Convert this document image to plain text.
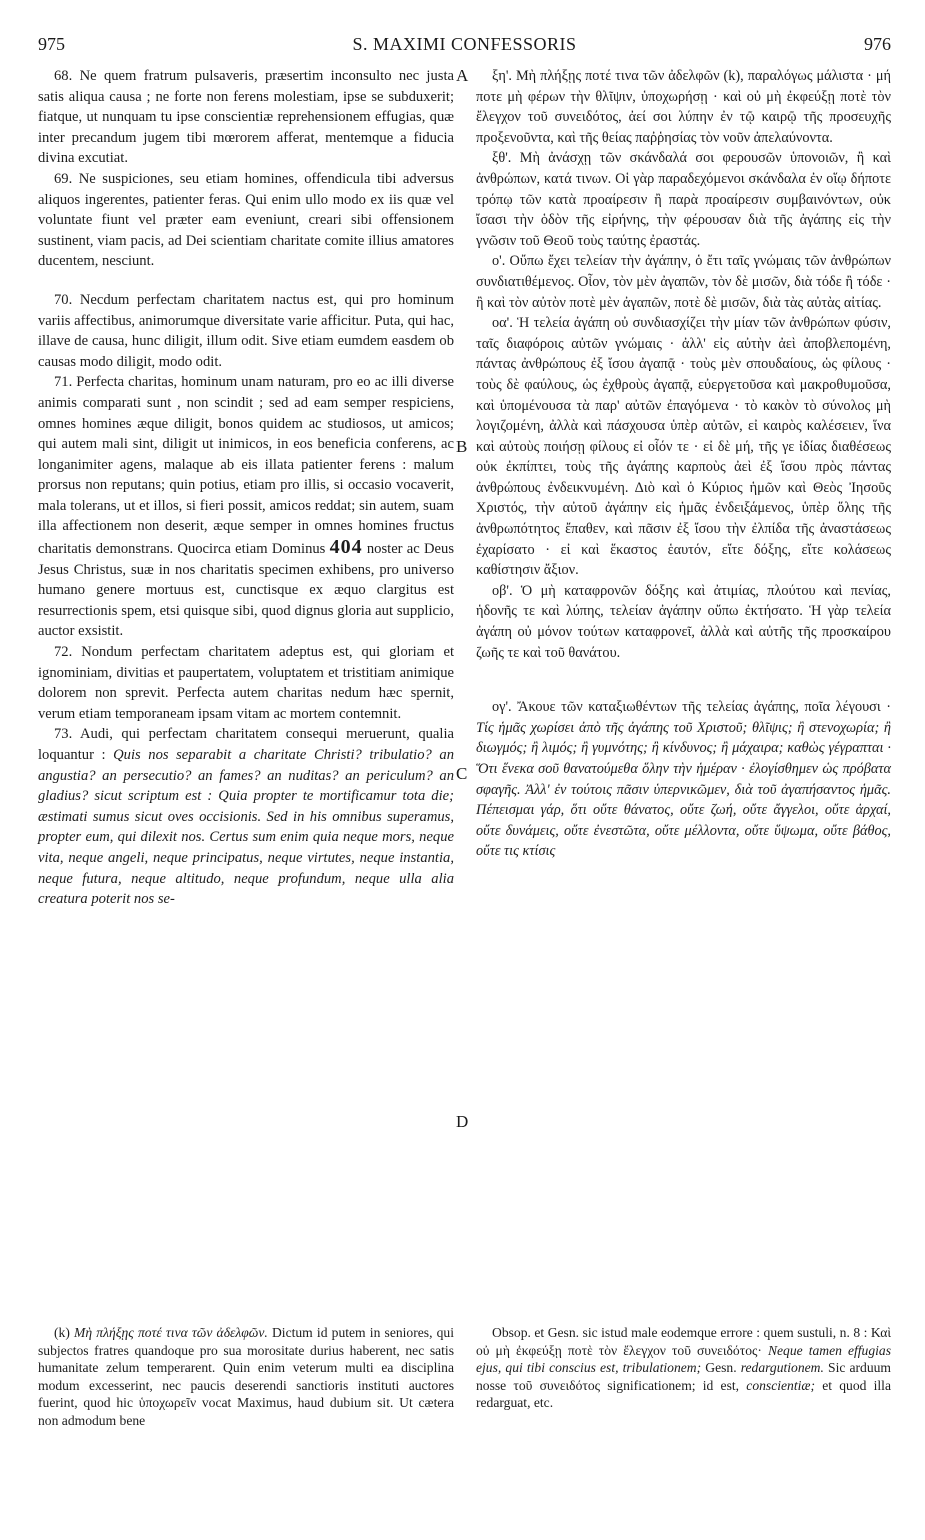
975	S. MAXIMI CONFESSORIS	976

68. Ne quem fratrum pulsaveris, præsertim inconsulto nec justa satis aliqua causa ; ne forte non ferens molestiam, ipse se subduxerit; fiatque, ut nunquam tu ipse conscientiæ reprehensionem effugias, quæ inter precandum jugem tibi mœrorem afferat, mentemque a fiducia divina excutiat.

69. Ne suspiciones, seu etiam homines, offendicula tibi adversus aliquos ingerentes, patienter feras. Qui enim ullo modo ex iis quæ vel voluntate fiunt vel præter eam eveniunt, creari sibi offensionem sustinent, viam pacis, ad Dei scientiam charitate comite illius amatores ducentem, nesciunt.

70. Necdum perfectam charitatem nactus est, qui pro hominum variis affectibus, animorumque diversitate varie afficitur. Puta, qui hac, illave de causa, hunc diligit, illum odit. Sive etiam eumdem easdem ob causas modo diligit, modo odit.

71. Perfecta charitas, hominum unam naturam, pro eo ac illi diverse animis comparati sunt , non scindit ; sed ad eam semper respiciens, omnes homines æque diligit, bonos quidem ac studiosos, ut amicos; qui autem mali sint, diligit ut inimicos, in eos beneficia conferens, ac longanimiter agens, malaque ab eis illata patienter ferens : malum prorsus non reputans; quin potius, etiam pro illis, si occasio vocaverit, mala tolerans, ut et illos, si fieri possit, amicos reddat; sin autem, suam illa affectionem non deserit, æque semper in omnes homines fructus charitatis demonstrans. Quocirca etiam Dominus 404 noster ac Deus Jesus Christus, suæ in nos charitatis specimen exhibens, pro universo humano genere mortuus est, cunctisque ex æquo clargitus est resurrectionis spem, etsi quisque sibi, quod dignus gloria aut supplicio, auctor exsistit.

72. Nondum perfectam charitatem adeptus est, qui gloriam et ignominiam, divitias et paupertatem, voluptatem et tristitiam animique dolorem non sprevit. Perfecta autem charitas nedum hæc spernit, verum etiam temporaneam ipsam vitam ac mortem contemnit.

73. Audi, qui perfectam charitatem consequi meruerunt, qualia loquantur : Quis nos separabit a charitate Christi? tribulatio? an angustia? an persecutio? an fames? an nuditas? an periculum? an gladius? sicut scriptum est : Quia propter te mortificamur tota die; æstimati sumus sicut oves occisionis. Sed in his omnibus superamus, propter eum, qui dilexit nos. Certus sum enim quia neque mors, neque vita, neque angeli, neque principatus, neque virtutes, neque instantia, neque futura, neque altitudo, neque profundum, neque ulla alia creatura poterit nos se-

A
B
C
D

ξη'. Μὴ πλήξῃς ποτέ τινα τῶν ἀδελφῶν (k), παραλόγως μάλιστα · μή ποτε μὴ φέρων τὴν θλῖψιν, ὑποχωρήσῃ · καὶ οὐ μὴ ἐκφεύξῃ ποτὲ τὸν ἔλεγχον τοῦ συνειδότος, ἀεί σοι λύπην ἐν τῷ καιρῷ τῆς προσευχῆς προξενοῦντα, καὶ τῆς θείας παῤῥησίας τὸν νοῦν ἀπελαύνοντα.

ξθ'. Μὴ ἀνάσχῃ τῶν σκάνδαλά σοι φερουσῶν ὑπονοιῶν, ἢ καὶ ἀνθρώπων, κατά τινων. Οἱ γὰρ παραδεχόμενοι σκάνδαλα ἐν οἵῳ δήποτε τρόπῳ τῶν κατὰ προαίρεσιν ἢ παρὰ προαίρεσιν συμβαινόντων, οὐκ ἴσασι τὴν ὁδὸν τῆς εἰρήνης, τὴν φέρουσαν διὰ τῆς ἀγάπης εἰς τὴν γνῶσιν τοῦ Θεοῦ τοὺς ταύτης ἐραστάς.

ο'. Οὔπω ἔχει τελείαν τὴν ἀγάπην, ὁ ἔτι ταῖς γνώμαις τῶν ἀνθρώπων συνδιατιθέμενος. Οἷον, τὸν μὲν ἀγαπῶν, τὸν δὲ μισῶν, διὰ τόδε ἢ τόδε · ἢ καὶ τὸν αὐτὸν ποτὲ μὲν ἀγαπῶν, ποτὲ δὲ μισῶν, διὰ τὰς αὐτὰς αἰτίας.

οα'. Ἡ τελεία ἀγάπη οὐ συνδιασχίζει τὴν μίαν τῶν ἀνθρώπων φύσιν, ταῖς διαφόροις αὐτῶν γνώμαις · ἀλλ' εἰς αὐτὴν ἀεὶ ἀποβλεπομένη, πάντας ἀνθρώπους ἐξ ἴσου ἀγαπᾷ · τοὺς μὲν σπουδαίους, ὡς φίλους · τοὺς δὲ φαύλους, ὡς ἐχθροὺς ἀγαπᾷ, εὐεργετοῦσα καὶ μακροθυμοῦσα, καὶ ὑπομένουσα τὰ παρ' αὐτῶν ἐπαγόμενα · τὸ κακὸν τὸ σύνολος μὴ λογιζομένη, ἀλλὰ καὶ πάσχουσα ὑπὲρ αὐτῶν, εἰ καιρὸς καλέσειεν, ἵνα καὶ αὐτοὺς ποιήσῃ φίλους εἰ οἷόν τε · εἰ δὲ μή, τῆς γε ἰδίας διαθέσεως οὐκ ἐκπίπτει, τοὺς τῆς ἀγάπης καρποὺς ἀεὶ ἐξ ἴσου πρὸς πάντας ἀνθρώπους ἐνδεικνυμένη. Διὸ καὶ ὁ Κύριος ἡμῶν καὶ Θεὸς Ἰησοῦς Χριστός, τὴν αὐτοῦ ἀγάπην εἰς ἡμᾶς ἐνδειξάμενος, ὑπὲρ ὅλης τῆς ἀνθρωπότητος ἔπαθεν, καὶ πᾶσιν ἐξ ἴσου τὴν ἐλπίδα τῆς ἀναστάσεως ἐχαρίσατο · εἰ καὶ ἕκαστος ἑαυτόν, εἴτε δόξης, εἴτε κολάσεως καθίστησιν ἄξιον.

οβ'. Ὁ μὴ καταφρονῶν δόξης καὶ ἀτιμίας, πλούτου καὶ πενίας, ἡδονῆς τε καὶ λύπης, τελείαν ἀγάπην οὔπω ἐκτήσατο. Ἡ γὰρ τελεία ἀγάπη οὐ μόνον τούτων καταφρονεῖ, ἀλλὰ καὶ αὐτῆς τῆς προσκαίρου ζωῆς τε καὶ τοῦ θανάτου.

ογ'. Ἄκουε τῶν καταξιωθέντων τῆς τελείας ἀγάπης, ποῖα λέγουσι · Τίς ἡμᾶς χωρίσει ἀπὸ τῆς ἀγάπης τοῦ Χριστοῦ; θλῖψις; ἢ στενοχωρία; ἢ διωγμός; ἢ λιμός; ἢ γυμνότης; ἢ κίνδυνος; ἢ μάχαιρα; καθὼς γέγραπται · Ὅτι ἕνεκα σοῦ θανατούμεθα ὅλην τὴν ἡμέραν · ἐλογίσθημεν ὡς πρόβατα σφαγῆς. Ἀλλ' ἐν τούτοις πᾶσιν ὑπερνικῶμεν, διὰ τοῦ ἀγαπήσαντος ἡμᾶς. Πέπεισμαι γάρ, ὅτι οὔτε θάνατος, οὔτε ζωή, οὔτε ἄγγελοι, οὔτε ἀρχαί, οὔτε δυνάμεις, οὔτε ἐνεστῶτα, οὔτε μέλλοντα, οὔτε ὕψωμα, οὔτε βάθος, οὔτε τις κτίσις

(k) Μὴ πλήξῃς ποτέ τινα τῶν ἀδελφῶν. Dictum id putem in seniores, qui subjectos fratres quandoque pro sua morositate durius haberent, nec satis humanitate zelum temperarent. Quin enim veterum multi ea disciplina modum excesserint, nec paucis deserendi sanctioris instituti auctores fuerint, quod hic ὑποχωρεῖν vocat Maximus, haud dubium sit. Ut cætera non admodum bene

Obsop. et Gesn. sic istud male eodemque errore : quem sustuli, n. 8 : Καὶ οὐ μὴ ἐκφεύξῃ ποτὲ τὸν ἔλεγχον τοῦ συνειδότος· Neque tamen effugias ejus, qui tibi conscius est, tribulationem; Gesn. redargutionem. Sic arduum nosse τοῦ συνειδότος significationem; id est, conscientiæ; et quod illa redarguat, etc.
